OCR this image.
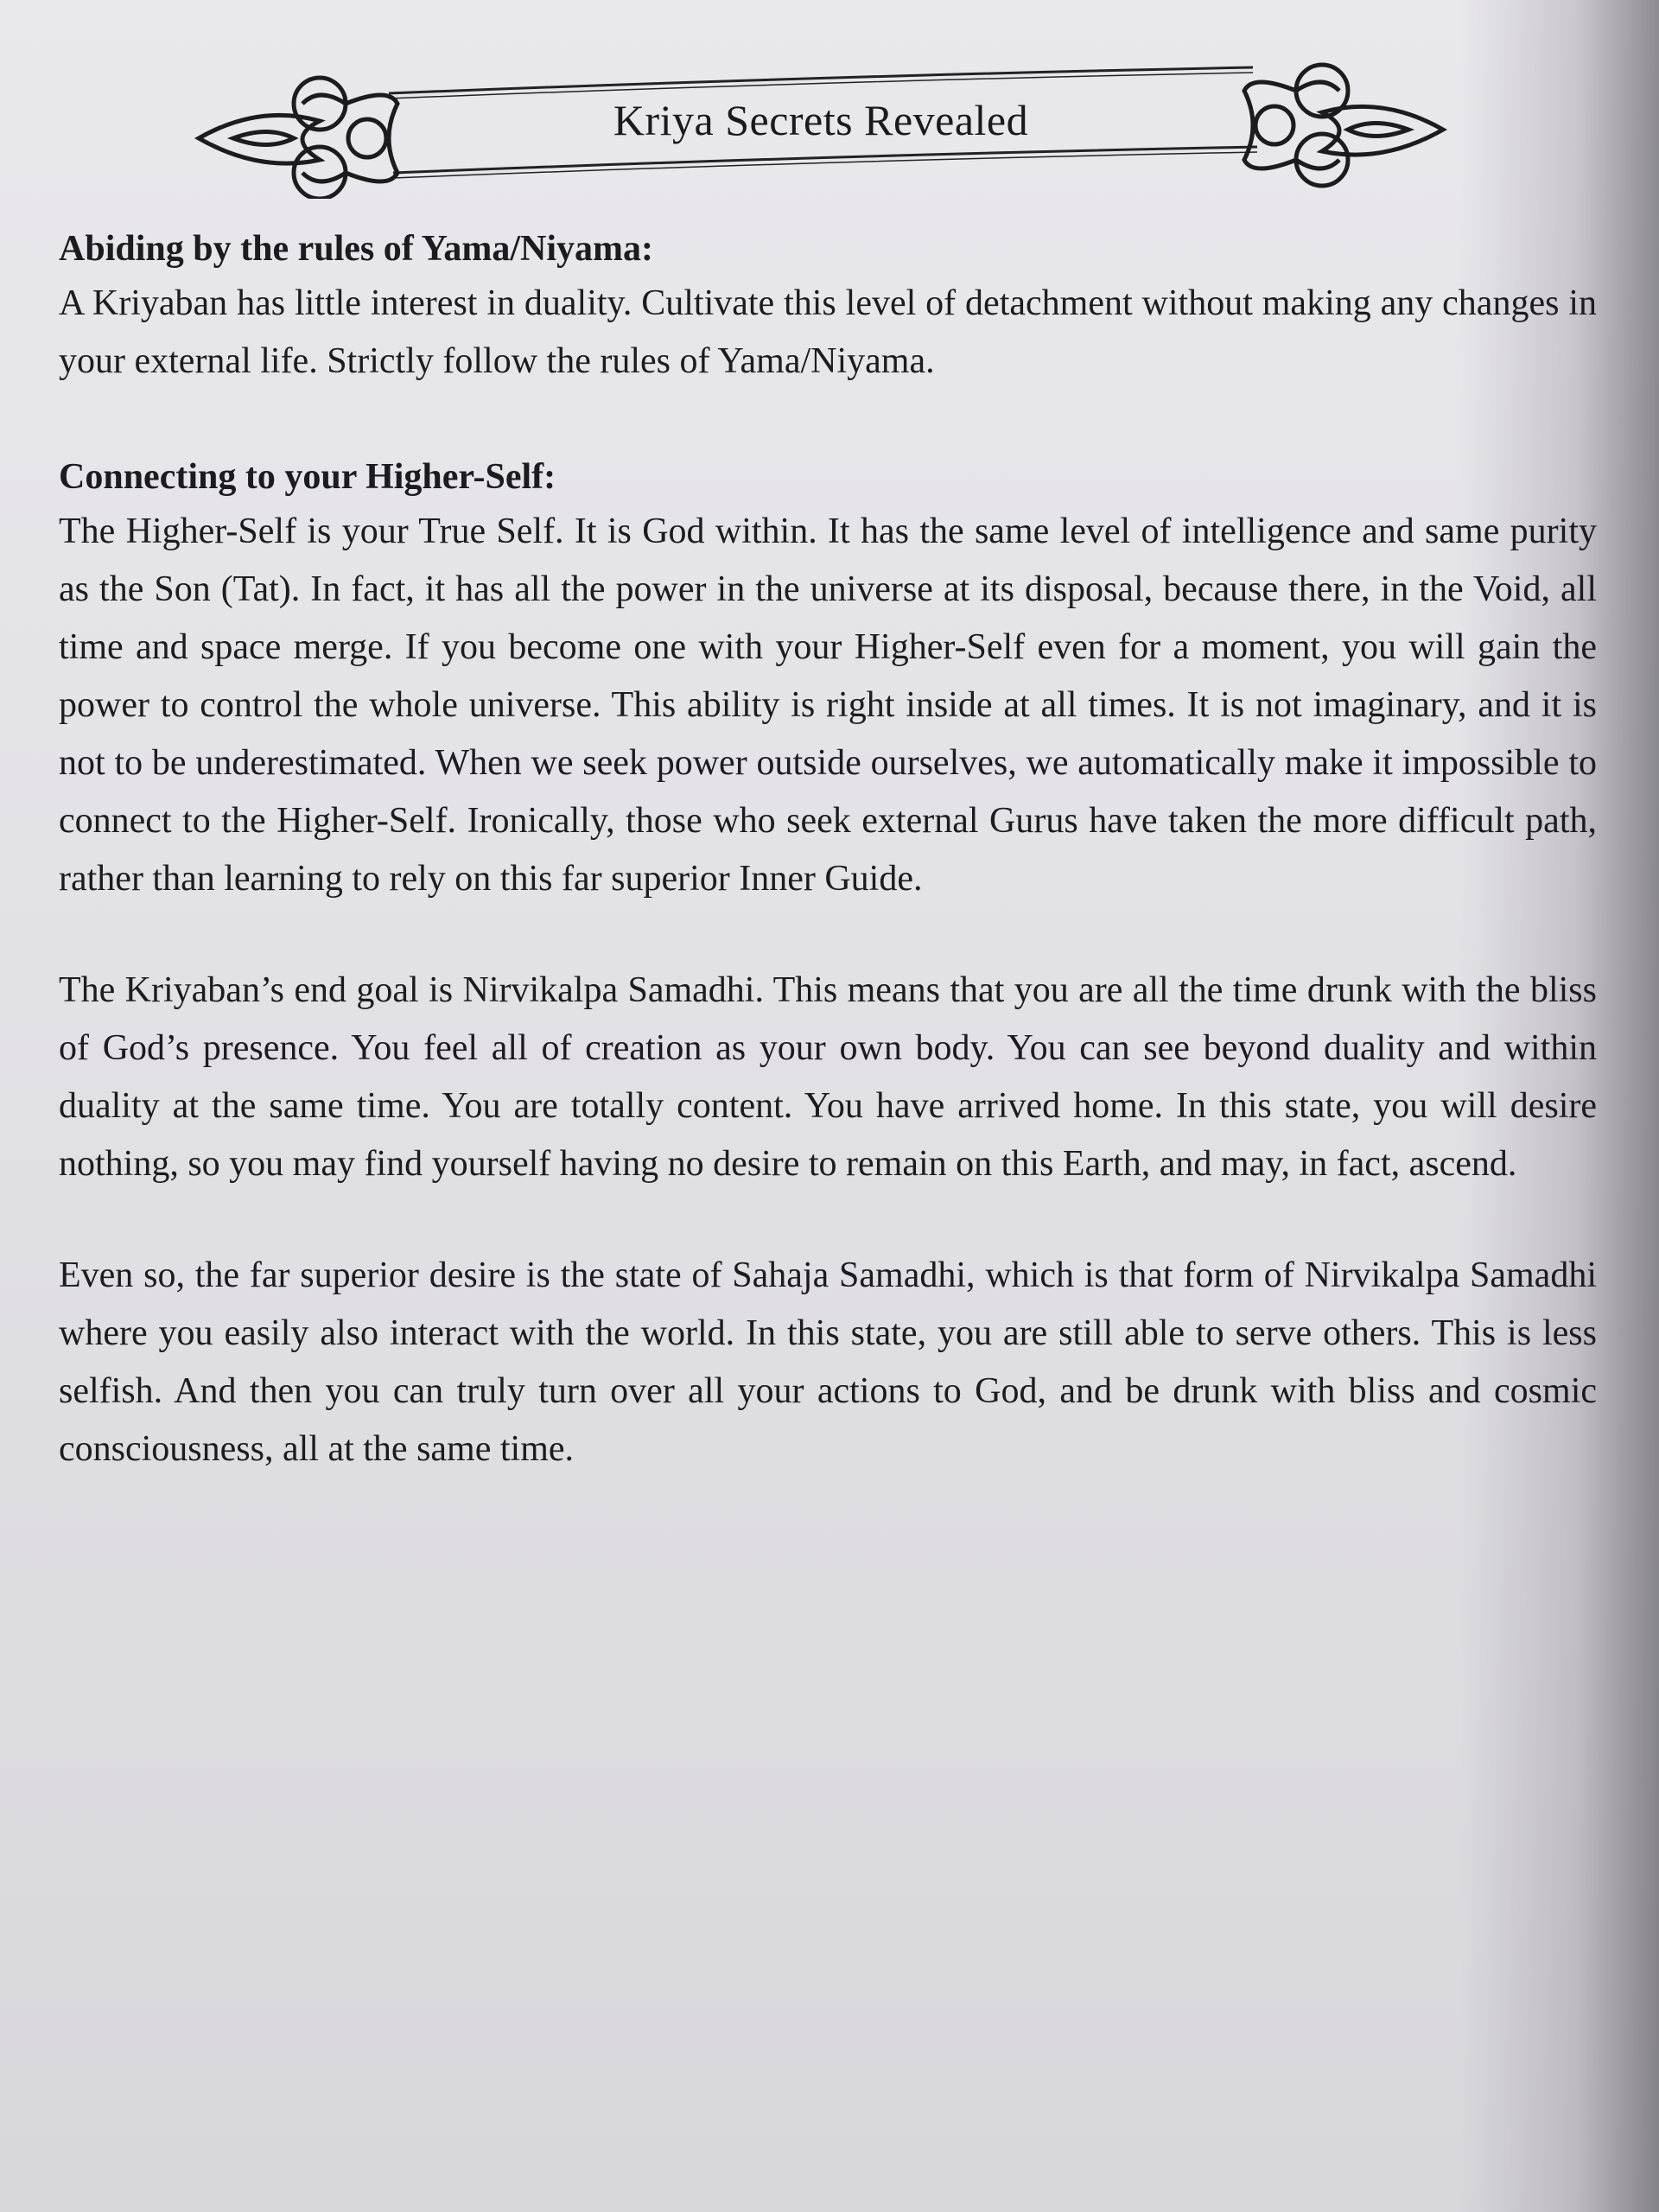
Kriya Secrets Revealed

Abiding by the rules of Yama/Niyama:

A Kriyaban has little interest in duality. Cultivate this level of detachment without making any changes in your external life. Strictly follow the rules of Yama/Niyama.

Connecting to your Higher-Self:

The Higher-Self is your True Self. It is God within. It has the same level of intelligence and same purity as the Son (Tat). In fact, it has all the power in the universe at its disposal, because there, in the Void, all time and space merge. If you become one with your Higher-Self even for a moment, you will gain the power to control the whole universe. This ability is right inside at all times. It is not imaginary, and it is not to be underestimated. When we seek power outside ourselves, we automatically make it impossible to connect to the Higher-Self. Ironically, those who seek external Gurus have taken the more difficult path, rather than learning to rely on this far superior Inner Guide.

The Kriyaban’s end goal is Nirvikalpa Samadhi. This means that you are all the time drunk with the bliss of God’s presence. You feel all of creation as your own body. You can see beyond duality and within duality at the same time. You are totally content. You have arrived home. In this state, you will desire nothing, so you may find yourself having no desire to remain on this Earth, and may, in fact, ascend.

Even so, the far superior desire is the state of Sahaja Samadhi, which is that form of Nirvikalpa Samadhi where you easily also interact with the world. In this state, you are still able to serve others. This is less selfish. And then you can truly turn over all your actions to God, and be drunk with bliss and cosmic consciousness, all at the same time.
